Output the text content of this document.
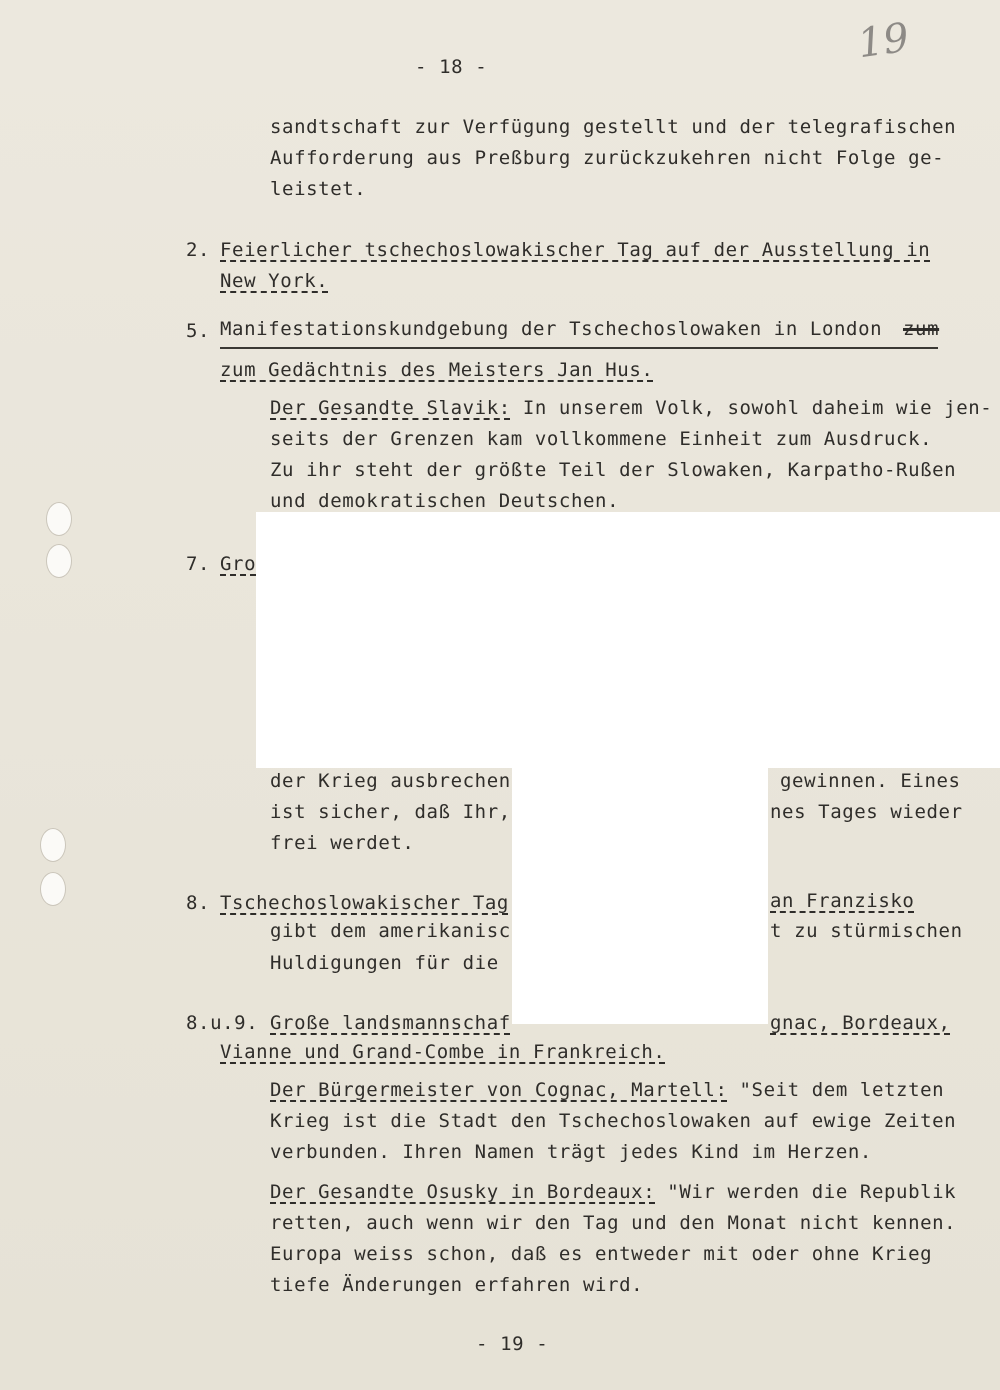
19
- 18 -
sandtschaft zur Verfügung gestellt und der telegrafischen
Aufforderung aus Preßburg zurückzukehren nicht Folge ge-
leistet.
2. Feierlicher tschechoslowakischer Tag auf der Ausstellung in
New York.
5. Manifestationskundgebung der Tschechoslowaken in London zum
zum Gedächtnis des Meisters Jan Hus.
Der Gesandte Slavik: In unserem Volk, sowohl daheim wie jen-
seits der Grenzen kam vollkommene Einheit zum Ausdruck.
Zu ihr steht der größte Teil der Slowaken, Karpatho-Rußen
und demokratischen Deutschen.
7. Gro
der Krieg ausbrechen	gewinnen. Eines
ist sicher, daß Ihr,	nes Tages wieder
frei werdet.
8. Tschechoslowakischer Tag	an Franzisko
gibt dem amerikanisc	t zu stürmischen
Huldigungen für die
8.u.9. Große landsmannschaf	gnac, Bordeaux,
Vianne und Grand-Combe in Frankreich.
Der Bürgermeister von Cognac, Martell: "Seit dem letzten
Krieg ist die Stadt den Tschechoslowaken auf ewige Zeiten
verbunden. Ihren Namen trägt jedes Kind im Herzen.
Der Gesandte Osusky in Bordeaux: "Wir werden die Republik
retten, auch wenn wir den Tag und den Monat nicht kennen.
Europa weiss schon, daß es entweder mit oder ohne Krieg
tiefe Änderungen erfahren wird.
- 19 -
